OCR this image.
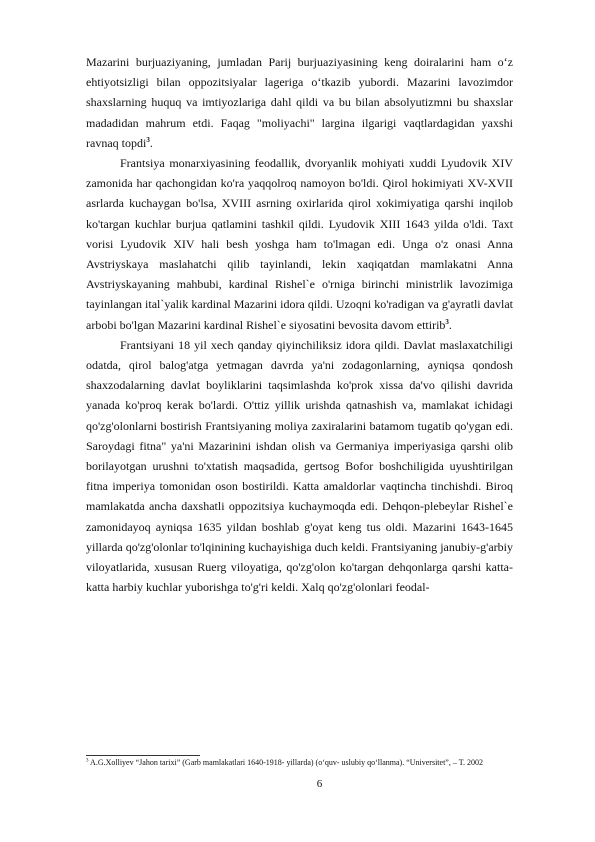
Mazarini burjuaziyaning, jumladan Parij burjuaziyasining keng doiralarini ham o‘z ehtiyotsizligi bilan oppozitsiyalar lageriga o‘tkazib yubordi. Mazarini lavozimdor shaxslarning huquq va imtiyozlariga dahl qildi va bu bilan absolyutizmni bu shaxslar madadidan mahrum etdi. Faqag "moliyachi" largina ilgarigi vaqtlardagidan yaxshi ravnaq topdi$^3$.

Frantsiya monarxiyasining feodallik, dvoryanlik mohiyati xuddi Lyudovik XIV zamonida har qachongidan ko'ra yaqqolroq namoyon bo'ldi. Qirol hokimiyati XV-XVII asrlarda kuchaygan bo'lsa, XVIII asrning oxirlarida qirol xokimiyatiga qarshi inqilob ko'targan kuchlar burjua qatlamini tashkil qildi. Lyudovik XIII 1643 yilda o'ldi. Taxt vorisi Lyudovik XIV hali besh yoshga ham to'lmagan edi. Unga o'z onasi Anna Avstriyskaya maslahatchi qilib tayinlandi, lekin xaqiqatdan mamlakatni Anna Avstriyskayaning mahbubi, kardinal Rishel`e o'rniga birinchi ministrlik lavozimiga tayinlangan ital`yalik kardinal Mazarini idora qildi. Uzoqni ko'radigan va g'ayratli davlat arbobi bo'lgan Mazarini kardinal Rishel`e siyosatini bevosita davom ettirib$^3$.

Frantsiyani 18 yil xech qanday qiyinchiliksiz idora qildi. Davlat maslaxatchiligi odatda, qirol balog'atga yetmagan davrda ya'ni zodagonlarning, ayniqsa qondosh shaxzodalarning davlat boyliklarini taqsimlashda ko'prok xissa da'vo qilishi davrida yanada ko'proq kerak bo'lardi. O'ttiz yillik urishda qatnashish va, mamlakat ichidagi qo'zg'olonlarni bostirish Frantsiyaning moliya zaxiralarini batamom tugatib qo'ygan edi. Saroydagi fitna" ya'ni Mazarinini ishdan olish va Germaniya imperiyasiga qarshi olib borilayotgan urushni to'xtatish maqsadida, gertsog Bofor boshchiligida uyushtirilgan fitna imperiya tomonidan oson bostirildi. Katta amaldorlar vaqtincha tinchishdi. Biroq mamlakatda ancha daxshatli oppozitsiya kuchaymoqda edi. Dehqon-plebeylar Rishel`e zamonidayoq ayniqsa 1635 yildan boshlab g'oyat keng tus oldi. Mazarini 1643-1645 yillarda qo'zg'olonlar to'lqinining kuchayishiga duch keldi. Frantsiyaning janubiy-g'arbiy viloyatlarida, xususan Ruerg viloyatiga, qo'zg'olon ko'targan dehqonlarga qarshi katta-katta harbiy kuchlar yuborishga to'g'ri keldi. Xalq qo'zg'olonlari feodal-

$^3$ A.G.Xolliyev “Jahon tarixi” (Garb mamlakatlari 1640-1918- yillarda) (o‘quv- uslubiy qo‘llanma). “Universitet”, – T. 2002
6
